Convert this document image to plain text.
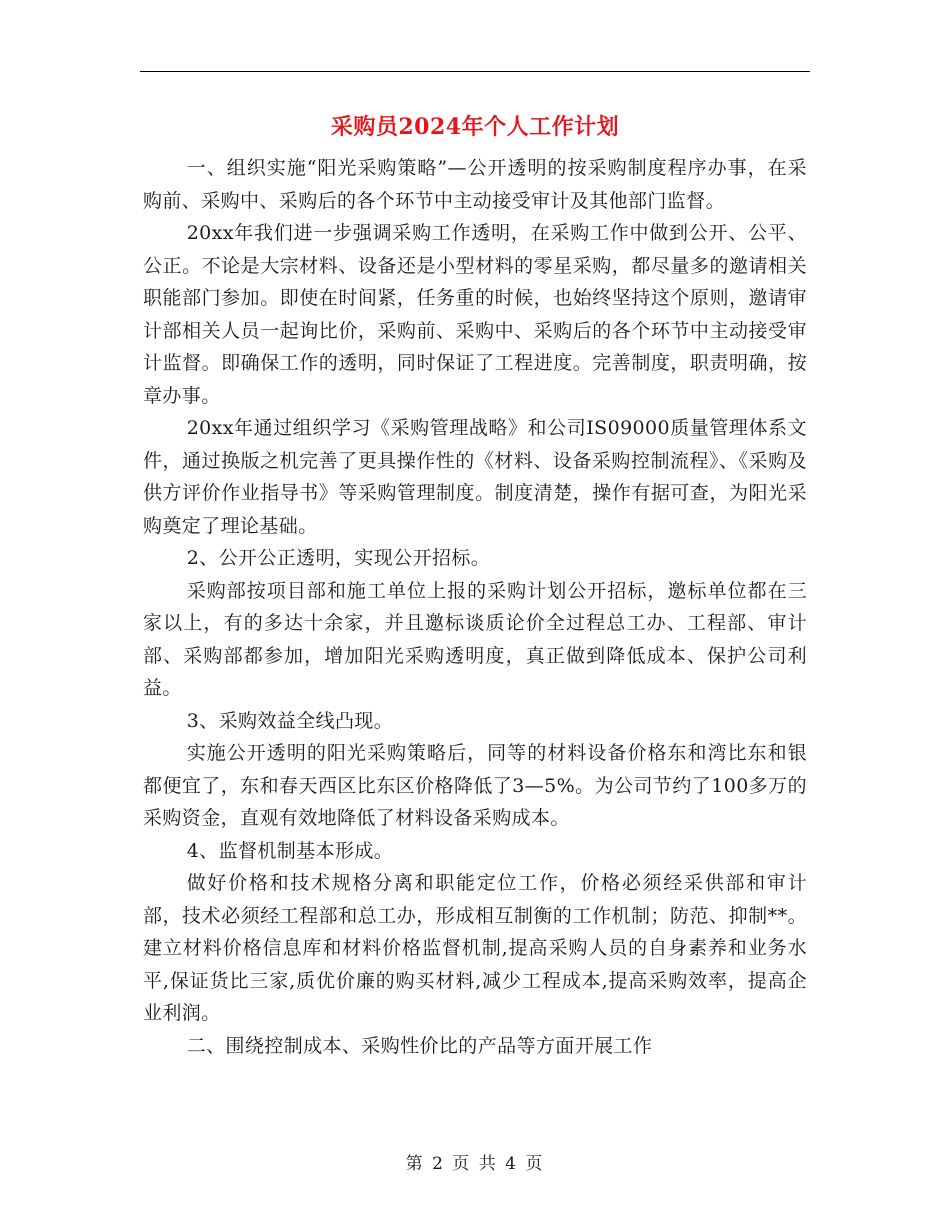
采购员2024年个人工作计划

一、组织实施“阳光采购策略”—公开透明的按采购制度程序办事，在采购前、采购中、采购后的各个环节中主动接受审计及其他部门监督。

20xx年我们进一步强调采购工作透明，在采购工作中做到公开、公平、公正。不论是大宗材料、设备还是小型材料的零星采购，都尽量多的邀请相关职能部门参加。即使在时间紧，任务重的时候，也始终坚持这个原则，邀请审计部相关人员一起询比价，采购前、采购中、采购后的各个环节中主动接受审计监督。即确保工作的透明，同时保证了工程进度。完善制度，职责明确，按章办事。

20xx年通过组织学习《采购管理战略》和公司IS09000质量管理体系文件，通过换版之机完善了更具操作性的《材料、设备采购控制流程》、《采购及供方评价作业指导书》等采购管理制度。制度清楚，操作有据可查，为阳光采购奠定了理论基础。

2、公开公正透明，实现公开招标。

采购部按项目部和施工单位上报的采购计划公开招标，邀标单位都在三家以上，有的多达十余家，并且邀标谈质论价全过程总工办、工程部、审计部、采购部都参加，增加阳光采购透明度，真正做到降低成本、保护公司利益。

3、采购效益全线凸现。

实施公开透明的阳光采购策略后，同等的材料设备价格东和湾比东和银都便宜了，东和春天西区比东区价格降低了3—5%。为公司节约了100多万的采购资金，直观有效地降低了材料设备采购成本。

4、监督机制基本形成。

做好价格和技术规格分离和职能定位工作，价格必须经采供部和审计部，技术必须经工程部和总工办，形成相互制衡的工作机制；防范、抑制**。建立材料价格信息库和材料价格监督机制,提高采购人员的自身素养和业务水平,保证货比三家,质优价廉的购买材料,减少工程成本,提高采购效率，提高企业利润。

二、围绕控制成本、采购性价比的产品等方面开展工作

第 2 页 共 4 页
